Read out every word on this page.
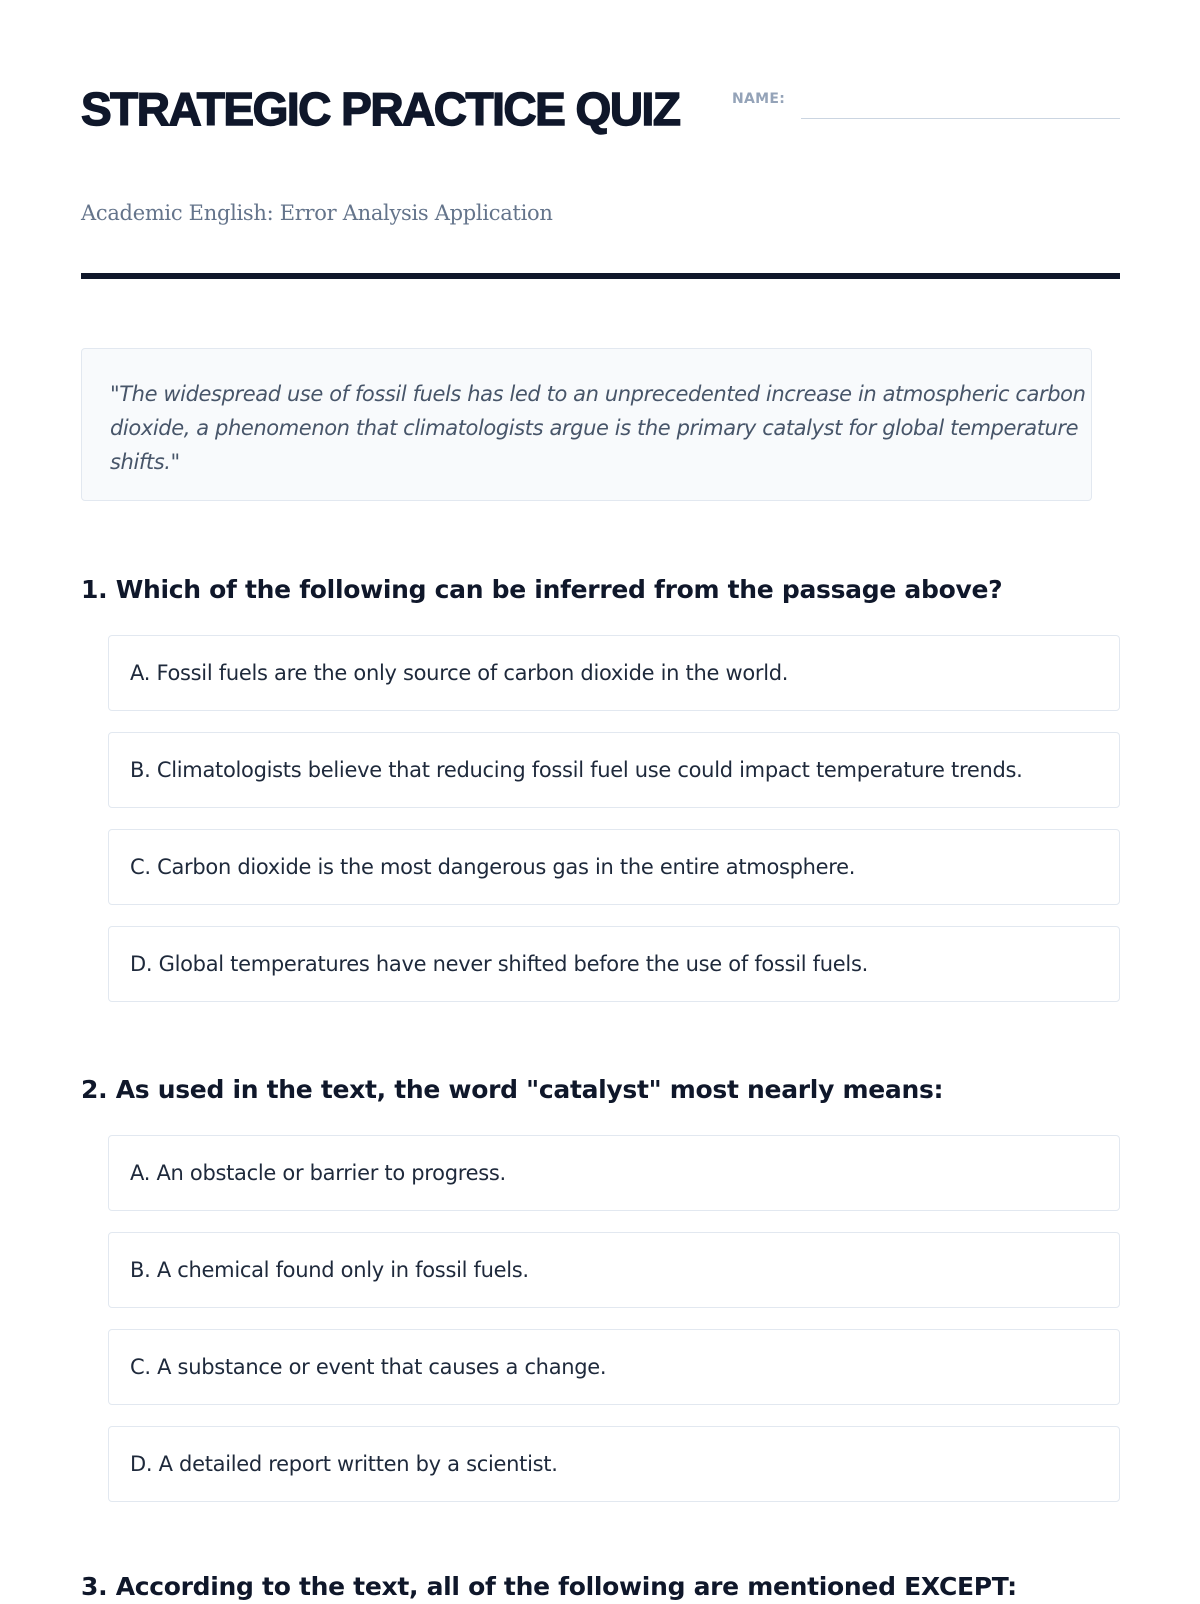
STRATEGIC PRACTICE QUIZ
Academic English: Error Analysis Application
NAME:
"The widespread use of fossil fuels has led to an unprecedented increase in atmospheric carbon dioxide, a phenomenon that climatologists argue is the primary catalyst for global temperature shifts."

1. Which of the following can be inferred from the passage above?

A. Fossil fuels are the only source of carbon dioxide in the world.
B. Climatologists believe that reducing fossil fuel use could impact temperature trends.
C. Carbon dioxide is the most dangerous gas in the entire atmosphere.
D. Global temperatures have never shifted before the use of fossil fuels.

2. As used in the text, the word "catalyst" most nearly means:

A. An obstacle or barrier to progress.
B. A chemical found only in fossil fuels.
C. A substance or event that causes a change.
D. A detailed report written by a scientist.

3. According to the text, all of the following are mentioned EXCEPT:
